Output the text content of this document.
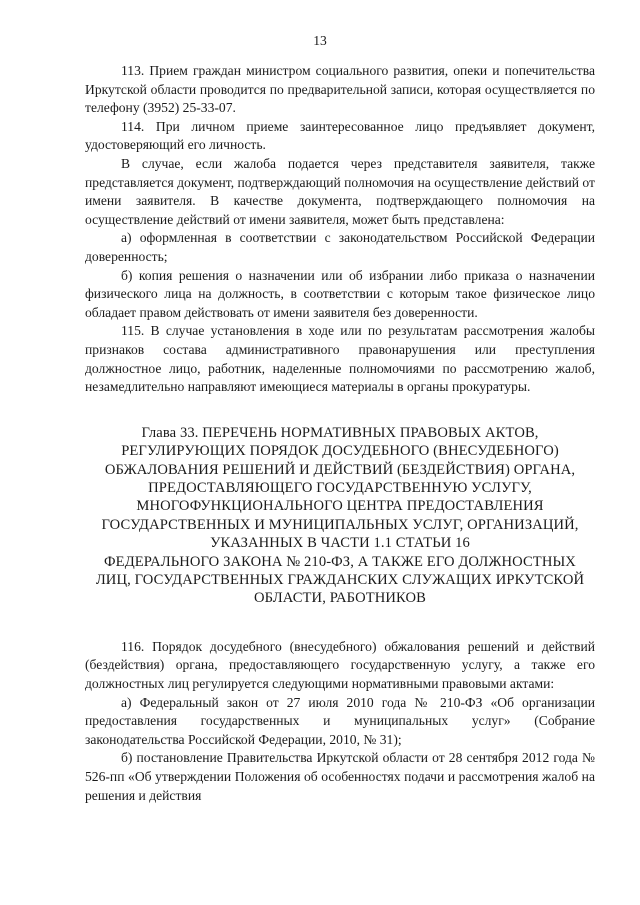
13

113. Прием граждан министром социального развития, опеки и попечительства Иркутской области проводится по предварительной записи, которая осуществляется по телефону (3952) 25-33-07.

114. При личном приеме заинтересованное лицо предъявляет документ, удостоверяющий его личность.

В случае, если жалоба подается через представителя заявителя, также представляется документ, подтверждающий полномочия на осуществление действий от имени заявителя. В качестве документа, подтверждающего полномочия на осуществление действий от имени заявителя, может быть представлена:

а) оформленная в соответствии с законодательством Российской Федерации доверенность;

б) копия решения о назначении или об избрании либо приказа о назначении физического лица на должность, в соответствии с которым такое физическое лицо обладает правом действовать от имени заявителя без доверенности.

115. В случае установления в ходе или по результатам рассмотрения жалобы признаков состава административного правонарушения или преступления должностное лицо, работник, наделенные полномочиями по рассмотрению жалоб, незамедлительно направляют имеющиеся материалы в органы прокуратуры.

Глава 33. ПЕРЕЧЕНЬ НОРМАТИВНЫХ ПРАВОВЫХ АКТОВ,

РЕГУЛИРУЮЩИХ ПОРЯДОК ДОСУДЕБНОГО (ВНЕСУДЕБНОГО)

ОБЖАЛОВАНИЯ РЕШЕНИЙ И ДЕЙСТВИЙ (БЕЗДЕЙСТВИЯ) ОРГАНА,

ПРЕДОСТАВЛЯЮЩЕГО ГОСУДАРСТВЕННУЮ УСЛУГУ,

МНОГОФУНКЦИОНАЛЬНОГО ЦЕНТРА ПРЕДОСТАВЛЕНИЯ

ГОСУДАРСТВЕННЫХ И МУНИЦИПАЛЬНЫХ УСЛУГ, ОРГАНИЗАЦИЙ,

УКАЗАННЫХ В ЧАСТИ 1.1 СТАТЬИ 16

ФЕДЕРАЛЬНОГО ЗАКОНА № 210-ФЗ, А ТАКЖЕ ЕГО ДОЛЖНОСТНЫХ

ЛИЦ, ГОСУДАРСТВЕННЫХ ГРАЖДАНСКИХ СЛУЖАЩИХ ИРКУТСКОЙ

ОБЛАСТИ, РАБОТНИКОВ

116. Порядок досудебного (внесудебного) обжалования решений и действий (бездействия) органа, предоставляющего государственную услугу, а также его должностных лиц регулируется следующими нормативными правовыми актами:

а) Федеральный закон от 27 июля 2010 года № 210-ФЗ «Об организации предоставления государственных и муниципальных услуг» (Собрание законодательства Российской Федерации, 2010, № 31);

б) постановление Правительства Иркутской области от 28 сентября 2012 года № 526-пп «Об утверждении Положения об особенностях подачи и рассмотрения жалоб на решения и действия
